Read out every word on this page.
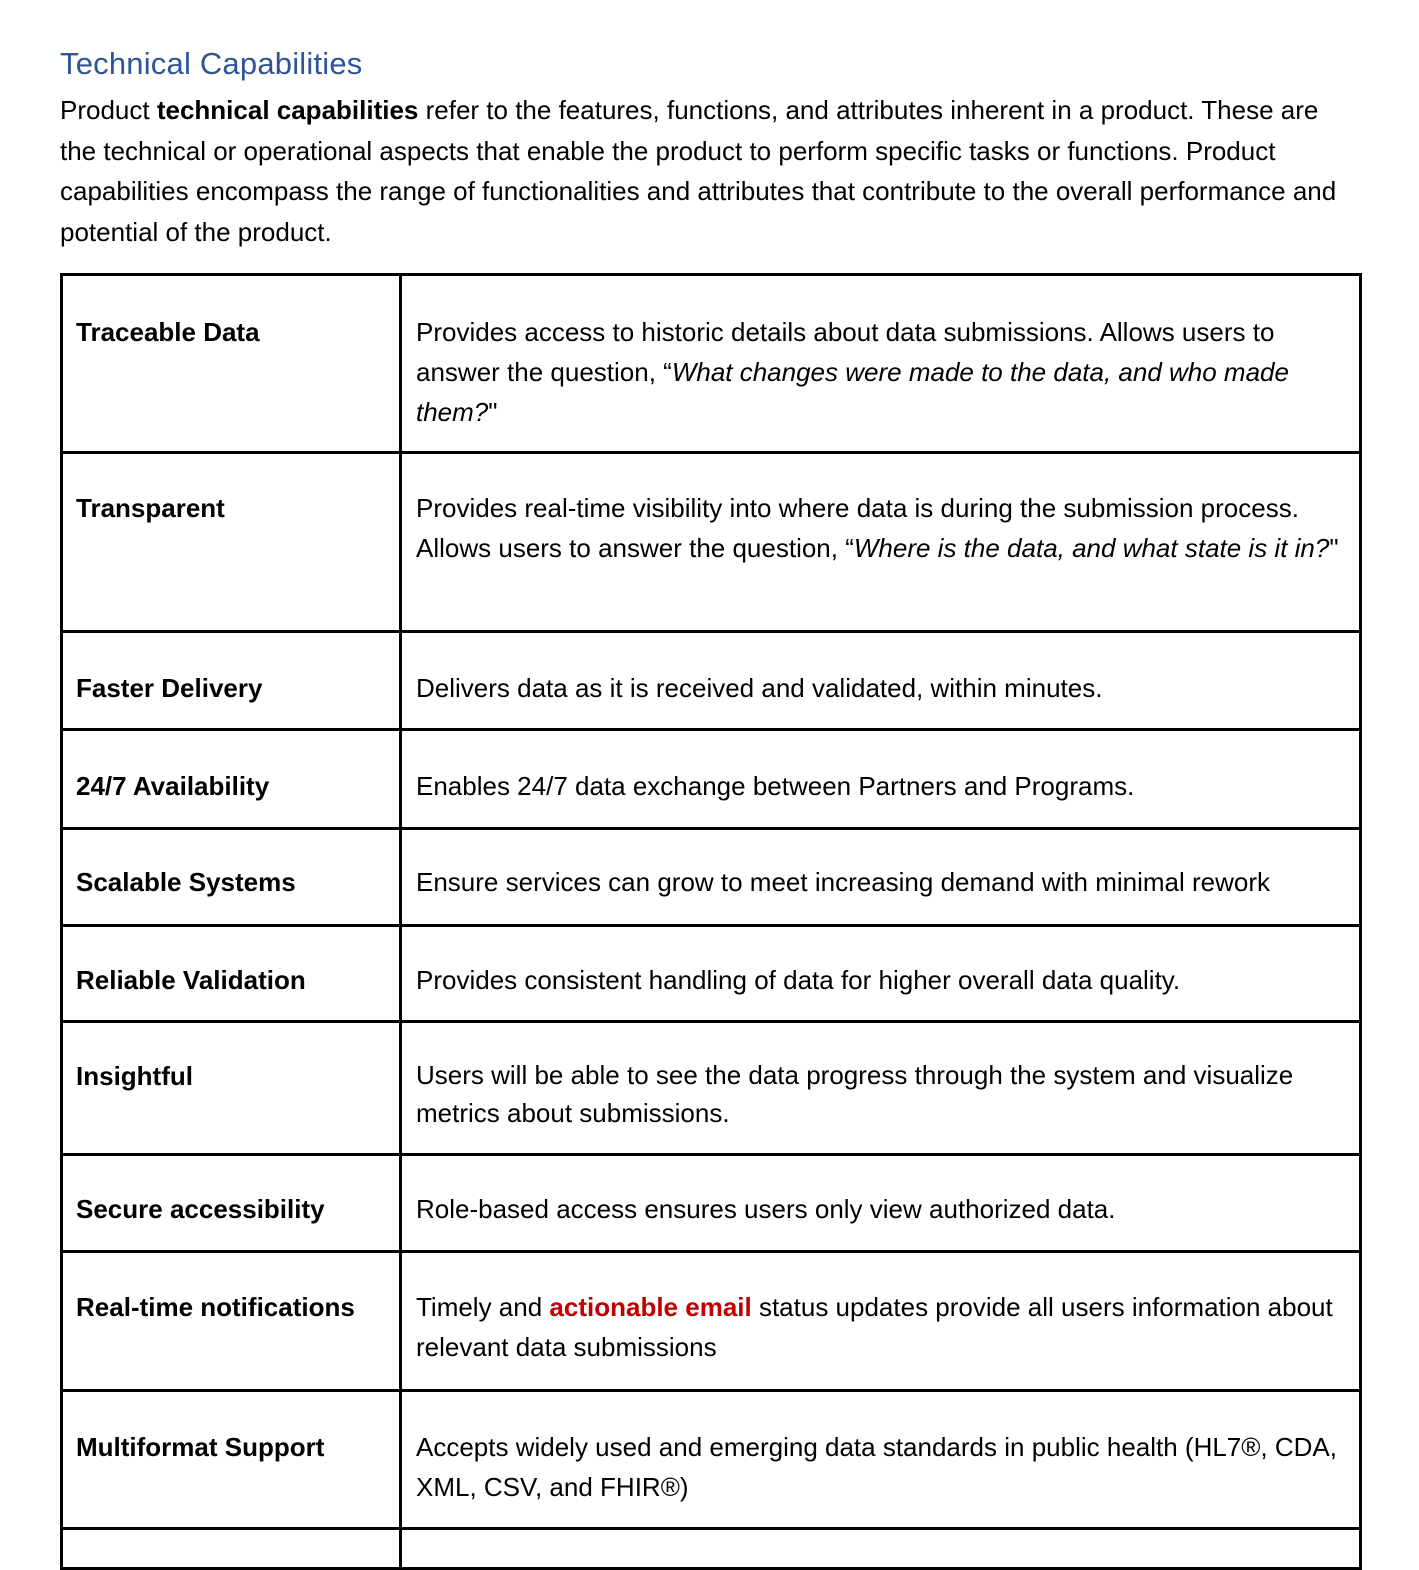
Technical Capabilities
Product technical capabilities refer to the features, functions, and attributes inherent in a product. These are the technical or operational aspects that enable the product to perform specific tasks or functions. Product capabilities encompass the range of functionalities and attributes that contribute to the overall performance and potential of the product.
Traceable Data	Provides access to historic details about data submissions. Allows users to answer the question, “What changes were made to the data, and who made them?"

Transparent	Provides real-time visibility into where data is during the submission process. Allows users to answer the question, “Where is the data, and what state is it in?"

Faster Delivery	Delivers data as it is received and validated, within minutes.

24/7 Availability	Enables 24/7 data exchange between Partners and Programs.

Scalable Systems	Ensure services can grow to meet increasing demand with minimal rework

Reliable Validation	Provides consistent handling of data for higher overall data quality.

Insightful	Users will be able to see the data progress through the system and visualize metrics about submissions.

Secure accessibility	Role-based access ensures users only view authorized data.

Real-time notifications	Timely and actionable email status updates provide all users information about relevant data submissions

Multiformat Support	Accepts widely used and emerging data standards in public health (HL7®, CDA, XML, CSV, and FHIR®)
